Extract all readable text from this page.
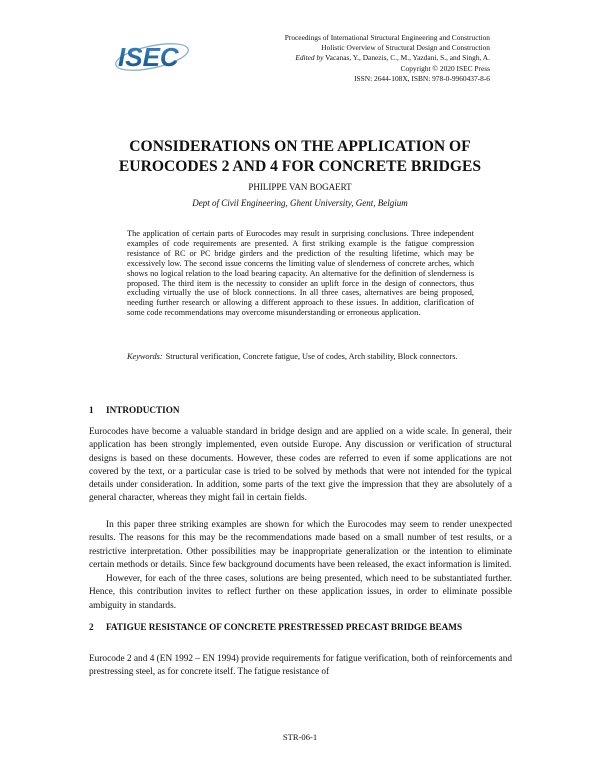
ISEC
Proceedings of International Structural Engineering and Construction
Holistic Overview of Structural Design and Construction
Edited by Vacanas, Y., Danezis, C., M., Yazdani, S., and Singh, A.
Copyright © 2020 ISEC Press
ISSN: 2644-108X, ISBN: 978-0-9960437-8-6
CONSIDERATIONS ON THE APPLICATION OF
EUROCODES 2 AND 4 FOR CONCRETE BRIDGES
PHILIPPE VAN BOGAERT
Dept of Civil Engineering, Ghent University, Gent, Belgium
The application of certain parts of Eurocodes may result in surprising conclusions. Three independent examples of code requirements are presented. A first striking example is the fatigue compression resistance of RC or PC bridge girders and the prediction of the resulting lifetime, which may be excessively low. The second issue concerns the limiting value of slenderness of concrete arches, which shows no logical relation to the load bearing capacity. An alternative for the definition of slenderness is proposed. The third item is the necessity to consider an uplift force in the design of connectors, thus excluding virtually the use of block connections. In all three cases, alternatives are being proposed, needing further research or allowing a different approach to these issues. In addition, clarification of some code recommendations may overcome misunderstanding or erroneous application.
Keywords: Structural verification, Concrete fatigue, Use of codes, Arch stability, Block connectors.
1	INTRODUCTION

Eurocodes have become a valuable standard in bridge design and are applied on a wide scale. In general, their application has been strongly implemented, even outside Europe. Any discussion or verification of structural designs is based on these documents. However, these codes are referred to even if some applications are not covered by the text, or a particular case is tried to be solved by methods that were not intended for the typical details under consideration. In addition, some parts of the text give the impression that they are absolutely of a general character, whereas they might fail in certain fields.

In this paper three striking examples are shown for which the Eurocodes may seem to render unexpected results. The reasons for this may be the recommendations made based on a small number of test results, or a restrictive interpretation. Other possibilities may be inappropriate generalization or the intention to eliminate certain methods or details. Since few background documents have been released, the exact information is limited.

However, for each of the three cases, solutions are being presented, which need to be substantiated further. Hence, this contribution invites to reflect further on these application issues, in order to eliminate possible ambiguity in standards.

2	FATIGUE RESISTANCE OF CONCRETE PRESTRESSED PRECAST BRIDGE BEAMS

Eurocode 2 and 4 (EN 1992 – EN 1994) provide requirements for fatigue verification, both of reinforcements and prestressing steel, as for concrete itself. The fatigue resistance of

STR-06-1
